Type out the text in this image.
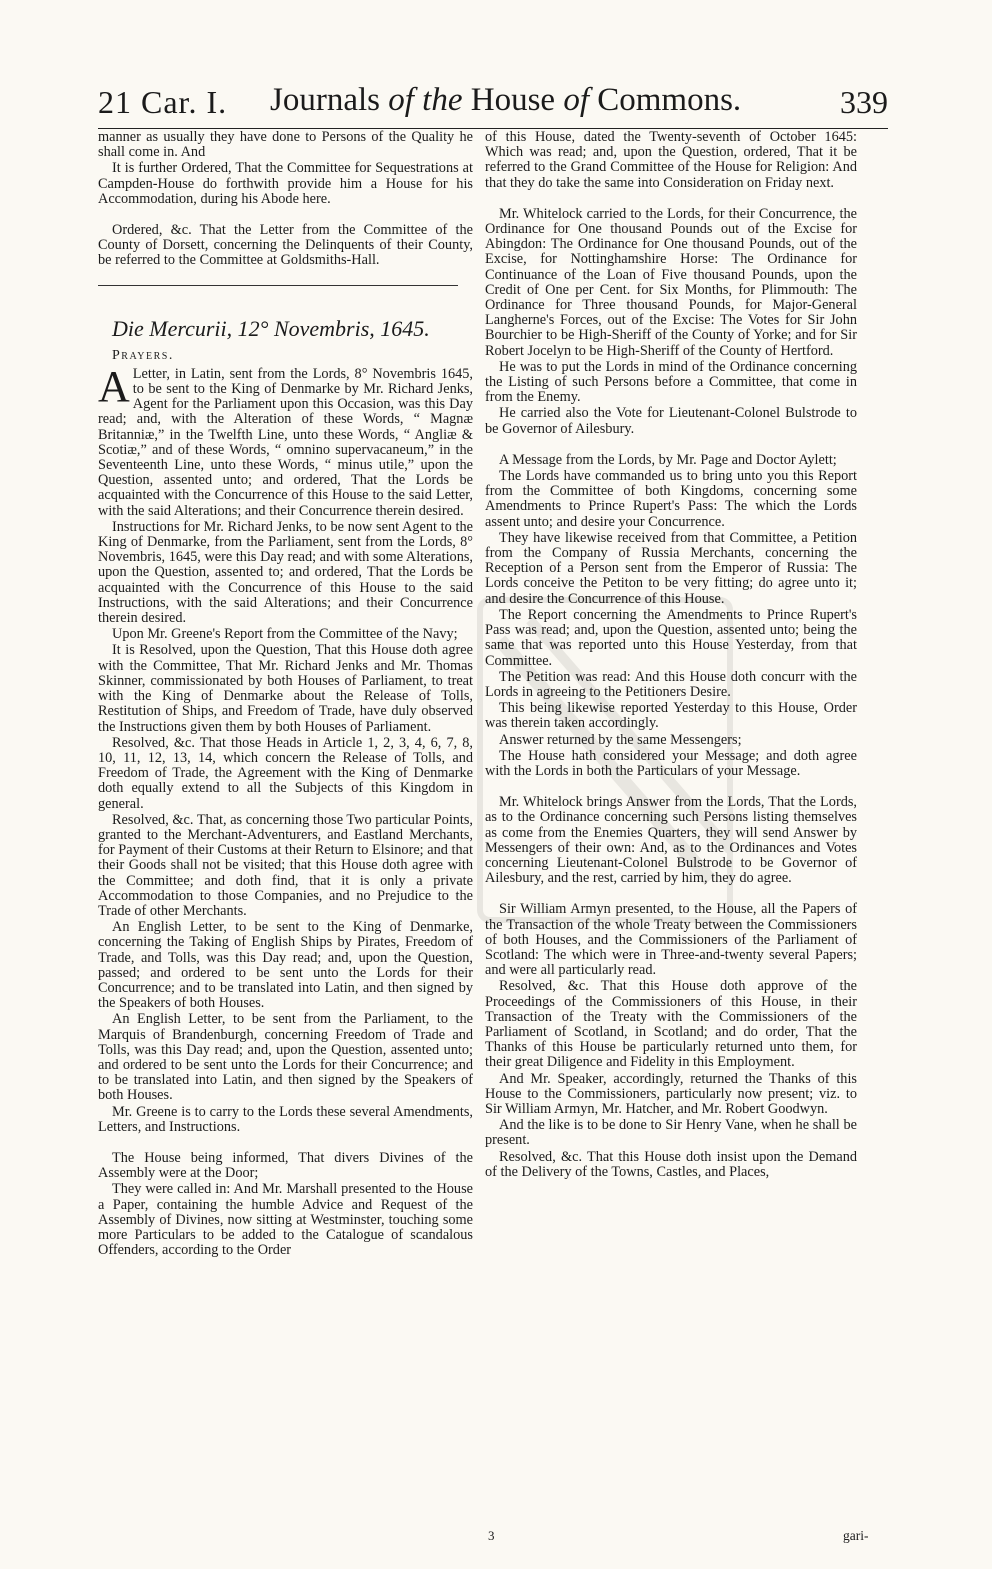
21 Car. I. Journals of the House of Commons.	339

manner as usually they have done to Persons of the Quality he shall come in. And

It is further Ordered, That the Committee for Sequestrations at Campden-House do forthwith provide him a House for his Accommodation, during his Abode here.

Ordered, &c. That the Letter from the Committee of the County of Dorsett, concerning the Delinquents of their County, be referred to the Committee at Goldsmiths-Hall.

Die Mercurii, 12° Novembris, 1645.
Prayers.

A Letter, in Latin, sent from the Lords, 8° Novembris 1645, to be sent to the King of Denmarke by Mr. Richard Jenks, Agent for the Parliament upon this Occasion, was this Day read; and, with the Alteration of these Words, “ Magnæ Britanniæ,” in the Twelfth Line, unto these Words, “ Angliæ & Scotiæ,” and of these Words, “ omnino supervacaneum,” in the Seventeenth Line, unto these Words, “ minus utile,” upon the Question, assented unto; and ordered, That the Lords be acquainted with the Concurrence of this House to the said Letter, with the said Alterations; and their Concurrence therein desired.

Instructions for Mr. Richard Jenks, to be now sent Agent to the King of Denmarke, from the Parliament, sent from the Lords, 8° Novembris, 1645, were this Day read; and with some Alterations, upon the Question, assented to; and ordered, That the Lords be acquainted with the Concurrence of this House to the said Instructions, with the said Alterations; and their Concurrence therein desired.

Upon Mr. Greene's Report from the Committee of the Navy;

It is Resolved, upon the Question, That this House doth agree with the Committee, That Mr. Richard Jenks and Mr. Thomas Skinner, commissionated by both Houses of Parliament, to treat with the King of Denmarke about the Release of Tolls, Restitution of Ships, and Freedom of Trade, have duly observed the Instructions given them by both Houses of Parliament.

Resolved, &c. That those Heads in Article 1, 2, 3, 4, 6, 7, 8, 10, 11, 12, 13, 14, which concern the Release of Tolls, and Freedom of Trade, the Agreement with the King of Denmarke doth equally extend to all the Subjects of this Kingdom in general.

Resolved, &c. That, as concerning those Two particular Points, granted to the Merchant-Adventurers, and Eastland Merchants, for Payment of their Customs at their Return to Elsinore; and that their Goods shall not be visited; that this House doth agree with the Committee; and doth find, that it is only a private Accommodation to those Companies, and no Prejudice to the Trade of other Merchants.

An English Letter, to be sent to the King of Denmarke, concerning the Taking of English Ships by Pirates, Freedom of Trade, and Tolls, was this Day read; and, upon the Question, passed; and ordered to be sent unto the Lords for their Concurrence; and to be translated into Latin, and then signed by the Speakers of both Houses.

An English Letter, to be sent from the Parliament, to the Marquis of Brandenburgh, concerning Freedom of Trade and Tolls, was this Day read; and, upon the Question, assented unto; and ordered to be sent unto the Lords for their Concurrence; and to be translated into Latin, and then signed by the Speakers of both Houses.

Mr. Greene is to carry to the Lords these several Amendments, Letters, and Instructions.

The House being informed, That divers Divines of the Assembly were at the Door;

They were called in: And Mr. Marshall presented to the House a Paper, containing the humble Advice and Request of the Assembly of Divines, now sitting at Westminster, touching some more Particulars to be added to the Catalogue of scandalous Offenders, according to the Order

of this House, dated the Twenty-seventh of October 1645: Which was read; and, upon the Question, ordered, That it be referred to the Grand Committee of the House for Religion: And that they do take the same into Consideration on Friday next.

Mr. Whitelock carried to the Lords, for their Concurrence, the Ordinance for One thousand Pounds out of the Excise for Abingdon: The Ordinance for One thousand Pounds, out of the Excise, for Nottinghamshire Horse: The Ordinance for Continuance of the Loan of Five thousand Pounds, upon the Credit of One per Cent. for Six Months, for Plimmouth: The Ordinance for Three thousand Pounds, for Major-General Langherne's Forces, out of the Excise: The Votes for Sir John Bourchier to be High-Sheriff of the County of Yorke; and for Sir Robert Jocelyn to be High-Sheriff of the County of Hertford.

He was to put the Lords in mind of the Ordinance concerning the Listing of such Persons before a Committee, that come in from the Enemy.

He carried also the Vote for Lieutenant-Colonel Bulstrode to be Governor of Ailesbury.

A Message from the Lords, by Mr. Page and Doctor Aylett;

The Lords have commanded us to bring unto you this Report from the Committee of both Kingdoms, concerning some Amendments to Prince Rupert's Pass: The which the Lords assent unto; and desire your Concurrence.

They have likewise received from that Committee, a Petition from the Company of Russia Merchants, concerning the Reception of a Person sent from the Emperor of Russia: The Lords conceive the Petiton to be very fitting; do agree unto it; and desire the Concurrence of this House.

The Report concerning the Amendments to Prince Rupert's Pass was read; and, upon the Question, assented unto; being the same that was reported unto this House Yesterday, from that Committee.

The Petition was read: And this House doth concurr with the Lords in agreeing to the Petitioners Desire.

This being likewise reported Yesterday to this House, Order was therein taken accordingly.

Answer returned by the same Messengers;

The House hath considered your Message; and doth agree with the Lords in both the Particulars of your Message.

Mr. Whitelock brings Answer from the Lords, That the Lords, as to the Ordinance concerning such Persons listing themselves as come from the Enemies Quarters, they will send Answer by Messengers of their own: And, as to the Ordinances and Votes concerning Lieutenant-Colonel Bulstrode to be Governor of Ailesbury, and the rest, carried by him, they do agree.

Sir William Armyn presented, to the House, all the Papers of the Transaction of the whole Treaty between the Commissioners of both Houses, and the Commissioners of the Parliament of Scotland: The which were in Three-and-twenty several Papers; and were all particularly read.

Resolved, &c. That this House doth approve of the Proceedings of the Commissioners of this House, in their Transaction of the Treaty with the Commissioners of the Parliament of Scotland, in Scotland; and do order, That the Thanks of this House be particularly returned unto them, for their great Diligence and Fidelity in this Employment.

And Mr. Speaker, accordingly, returned the Thanks of this House to the Commissioners, particularly now present; viz. to Sir William Armyn, Mr. Hatcher, and Mr. Robert Goodwyn.

And the like is to be done to Sir Henry Vane, when he shall be present.

Resolved, &c. That this House doth insist upon the Demand of the Delivery of the Towns, Castles, and Places,

3	gari-
